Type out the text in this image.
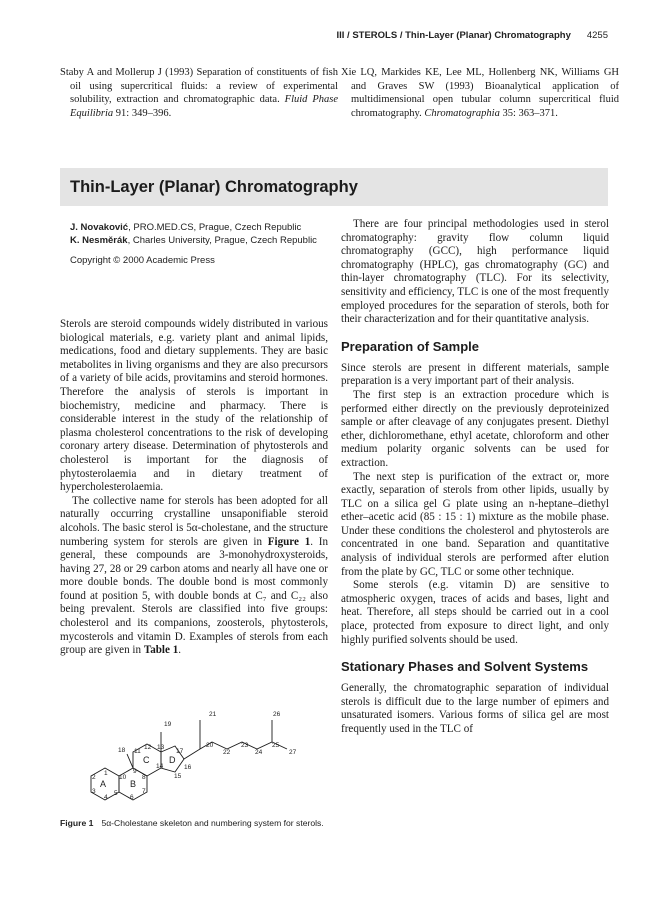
III / STEROLS / Thin-Layer (Planar) Chromatography 4255
Staby A and Mollerup J (1993) Separation of constituents of fish oil using supercritical fluids: a review of experimental solubility, extraction and chromatographic data. Fluid Phase Equilibria 91: 349–396.
Xie LQ, Markides KE, Lee ML, Hollenberg NK, Williams GH and Graves SW (1993) Bioanalytical application of multidimensional open tubular column supercritical fluid chromatography. Chromatographia 35: 363–371.
Thin-Layer (Planar) Chromatography
J. Novaković, PRO.MED.CS, Prague, Czech Republic
K. Nesměrák, Charles University, Prague, Czech Republic
Copyright © 2000 Academic Press

Sterols are steroid compounds widely distributed in various biological materials, e.g. variety plant and animal lipids, medications, food and dietary supplements. They are basic metabolites in living organisms and they are also precursors of a variety of bile acids, provitamins and steroid hormones. Therefore the analysis of sterols is important in biochemistry, medicine and pharmacy. There is considerable interest in the study of the relationship of plasma cholesterol concentrations to the risk of developing coronary artery disease. Determination of phytosterols and cholesterol is important for the diagnosis of phytosterolaemia and in dietary treatment of hypercholesterolaemia.

The collective name for sterols has been adopted for all naturally occurring crystalline unsaponifiable steroid alcohols. The basic sterol is 5α-cholestane, and the structure numbering system for sterols are given in Figure 1. In general, these compounds are 3-monohydroxysteroids, having 27, 28 or 29 carbon atoms and nearly all have one or more double bonds. The double bond is most commonly found at position 5, with double bonds at C₇ and C₂₂ also being prevalent. Sterols are classified into five groups: cholesterol and its companions, zoosterols, phytosterols, mycosterols and vitamin D. Examples of sterols from each group are given in Table 1.

A	B
C D
1
2
3
4
5
6
7
8
9
10
11
12 13
14
15
16
17
18
19
20
21
22
23
24
25
26
27
Figure 1 5α-Cholestane skeleton and numbering system for sterols.

There are four principal methodologies used in sterol chromatography: gravity flow column liquid chromatography (GCC), high performance liquid chromatography (HPLC), gas chromatography (GC) and thin-layer chromatography (TLC). For its selectivity, sensitivity and efficiency, TLC is one of the most frequently employed procedures for the separation of sterols, both for their characterization and for their quantitative analysis.

Preparation of Sample

Since sterols are present in different materials, sample preparation is a very important part of their analysis.

The first step is an extraction procedure which is performed either directly on the previously deproteinized sample or after cleavage of any conjugates present. Diethyl ether, dichloromethane, ethyl acetate, chloroform and other medium polarity organic solvents can be used for extraction.

The next step is purification of the extract or, more exactly, separation of sterols from other lipids, usually by TLC on a silica gel G plate using an n-heptane–diethyl ether–acetic acid (85 : 15 : 1) mixture as the mobile phase. Under these conditions the cholesterol and phytosterols are concentrated in one band. Separation and quantitative analysis of individual sterols are performed after elution from the plate by GC, TLC or some other technique.

Some sterols (e.g. vitamin D) are sensitive to atmospheric oxygen, traces of acids and bases, light and heat. Therefore, all steps should be carried out in a cool place, protected from exposure to direct light, and only highly purified solvents should be used.

Stationary Phases and Solvent Systems

Generally, the chromatographic separation of individual sterols is difficult due to the large number of epimers and unsaturated isomers. Various forms of silica gel are most frequently used in the TLC of
